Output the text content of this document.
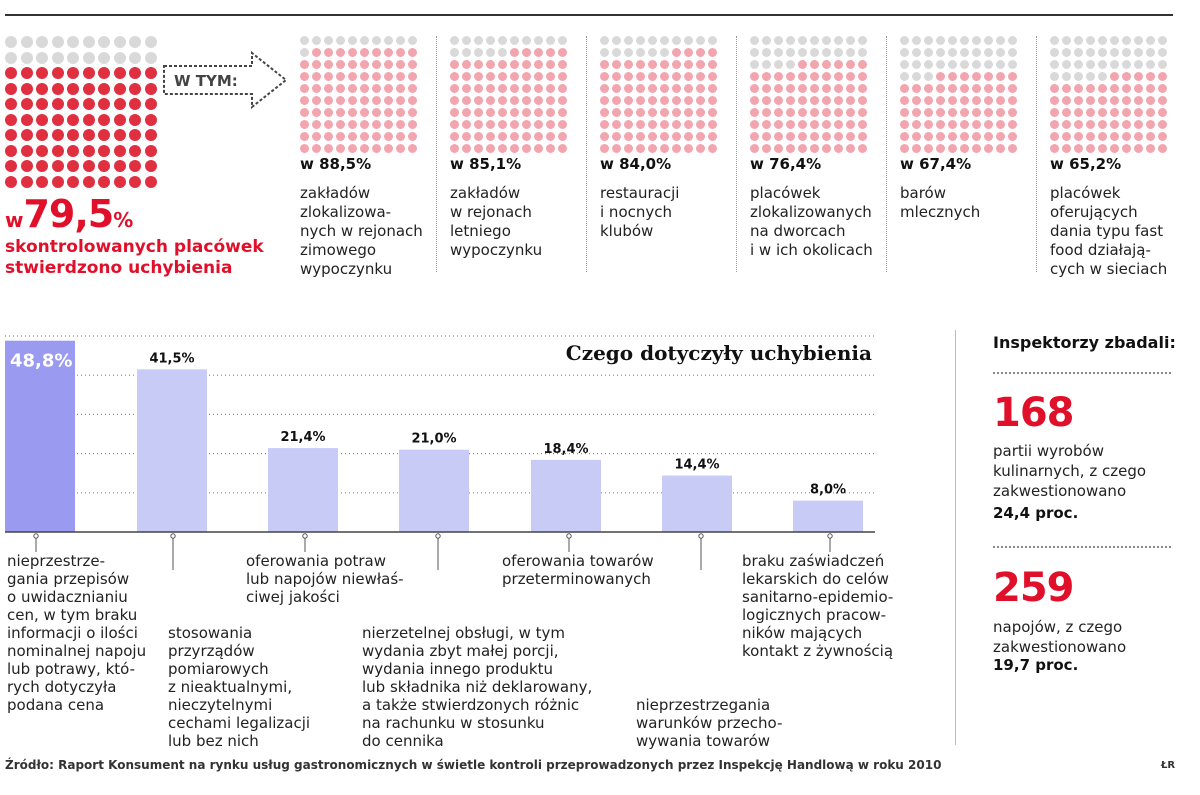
w79,5%
skontrolowanych placówek
stwierdzono uchybienia
W TYM:
w 88,5%	w 85,1%	w 84,0%	w 76,4%	w 67,4%	w 65,2%
zakładów
zlokalizowa-
nych w rejonach
zimowego
wypoczynku
zakładów
w rejonach
letniego
wypoczynku
restauracji
i nocnych
klubów
placówek
zlokalizowanych
na dworcach
i w ich okolicach
barów
mlecznych
placówek
oferujących
dania typu fast
food działają-
cych w sieciach
Czego dotyczyły uchybienia
48,8%	41,5%
21,4%	21,0%
18,4%
14,4%
8,0%
nieprzestrze-
gania przepisów
o uwidacznianiu
cen, w tym braku
informacji o ilości
nominalnej napoju
lub potrawy, któ-
rych dotyczyła
podana cena
stosowania
przyrządów
pomiarowych
z nieaktualnymi,
nieczytelnymi
cechami legalizacji
lub bez nich
oferowania potraw
lub napojów niewłaś-
ciwej jakości
nierzetelnej obsługi, w tym
wydania zbyt małej porcji,
wydania innego produktu
lub składnika niż deklarowany,
a także stwierdzonych różnic
na rachunku w stosunku
do cennika
oferowania towarów
przeterminowanych
nieprzestrzegania
warunków przecho-
wywania towarów
braku zaświadczeń
lekarskich do celów
sanitarno-epidemio-
logicznych pracow-
ników mających
kontakt z żywnością
Inspektorzy zbadali:
168
partii wyrobów
kulinarnych, z czego
zakwestionowano
24,4 proc.
259
napojów, z czego
zakwestionowano
19,7 proc.
Źródło: Raport Konsument na rynku usług gastronomicznych w świetle kontroli przeprowadzonych przez Inspekcję Handlową w roku 2010	ŁR
